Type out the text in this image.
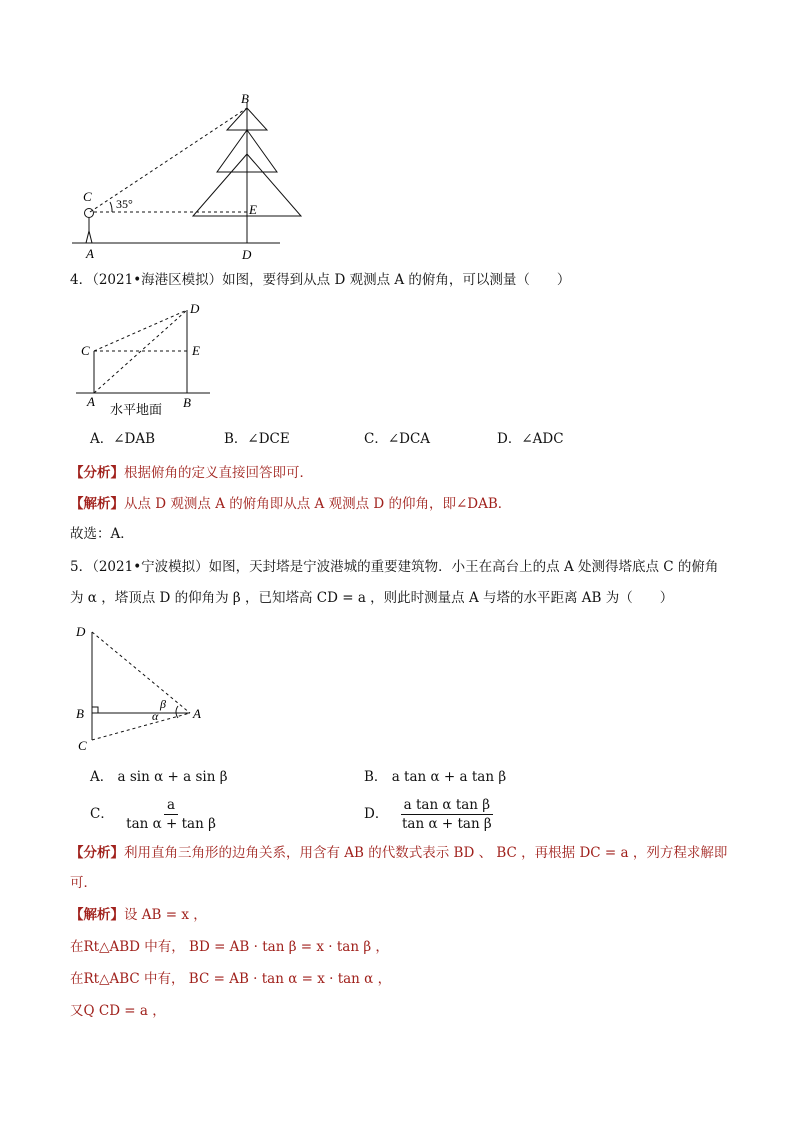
B
C 35°	E
A	D
4．（2021•海港区模拟）如图，要得到从点 D 观测点 A 的俯角，可以测量（　　）
D
C	E
A	B
水平地面
A．∠DAB	B．∠DCE	C．∠DCA	D．∠ADC
【分析】根据俯角的定义直接回答即可．
【解析】从点 D 观测点 A 的俯角即从点 A 观测点 D 的仰角，即∠DAB．
故选：A．
5．（2021•宁波模拟）如图，天封塔是宁波港城的重要建筑物．小王在高台上的点 A 处测得塔底点 C 的俯角
为 α ，塔顶点 D 的仰角为 β ，已知塔高 CD = a ，则此时测量点 A 与塔的水平距离 AB 为（　　）
D
B
C
A
β
α
A． a sin α + a sin β	B． a tan α + a tan β
C． $\frac{a}{\text{tan α + tan β}}$	D． $\frac{\text{a tan α tan β}}{\text{tan α + tan β}}$
【分析】利用直角三角形的边角关系，用含有 AB 的代数式表示 BD 、 BC ，再根据 DC = a ，列方程求解即
可．
【解析】设 AB = x ，
在Rt△ABD 中有， BD = AB · tan β = x · tan β ，
在Rt△ABC 中有， BC = AB · tan α = x · tan α ，
又Q CD = a ，
